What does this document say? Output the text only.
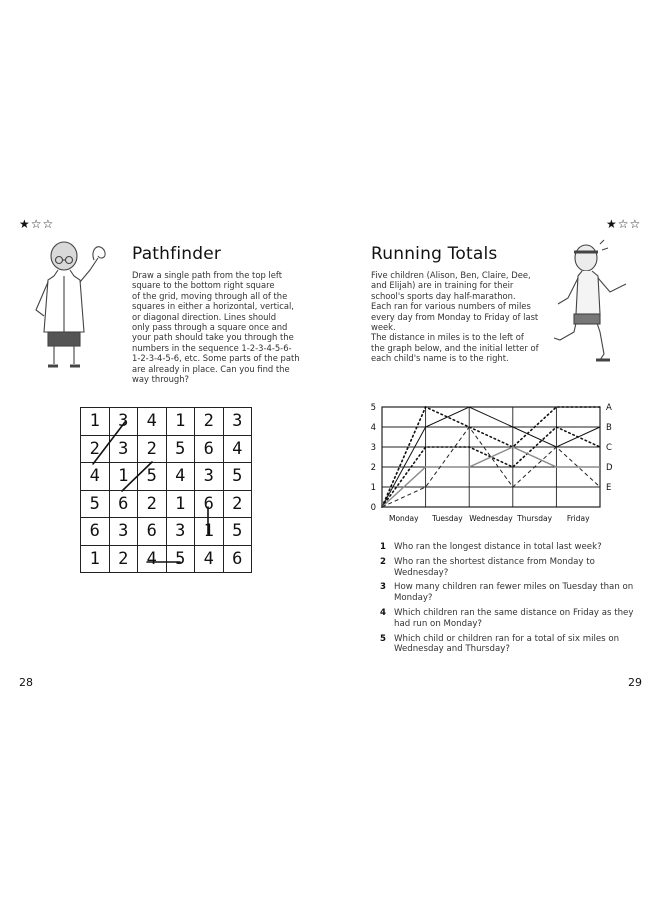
★☆☆
Pathfinder

Draw a single path from the top left

square to the bottom right square

of the grid, moving through all of the

squares in either a horizontal, vertical,

or diagonal direction. Lines should

only pass through a square once and

your path should take you through the

numbers in the sequence 1-2-3-4-5-6-

1-2-3-4-5-6, etc. Some parts of the path

are already in place. Can you find the

way through?

1	3	4	1	2	3
2	3	2	5	6	4
4	1	5	4	3	5
5	6	2	1	6	2
6	3	6	3	1	5
1	2	4	5	4	6
28
★☆☆
Running Totals

Five children (Alison, Ben, Claire, Dee,

and Elijah) are in training for their

school's sports day half-marathon.

Each ran for various numbers of miles

every day from Monday to Friday of last

week.

The distance in miles is to the left of

the graph below, and the initial letter of

each child's name is to the right.

0
1
2
3
4
5
Monday Tuesday Wednesday Thursday Friday
A
B
C
D
E
1 Who ran the longest distance in total last week?
2 Who ran the shortest distance from Monday to Wednesday?
3 How many children ran fewer miles on Tuesday than on Monday?
4 Which children ran the same distance on Friday as they had run on Monday?
5 Which child or children ran for a total of six miles on Wednesday and Thursday?
29
